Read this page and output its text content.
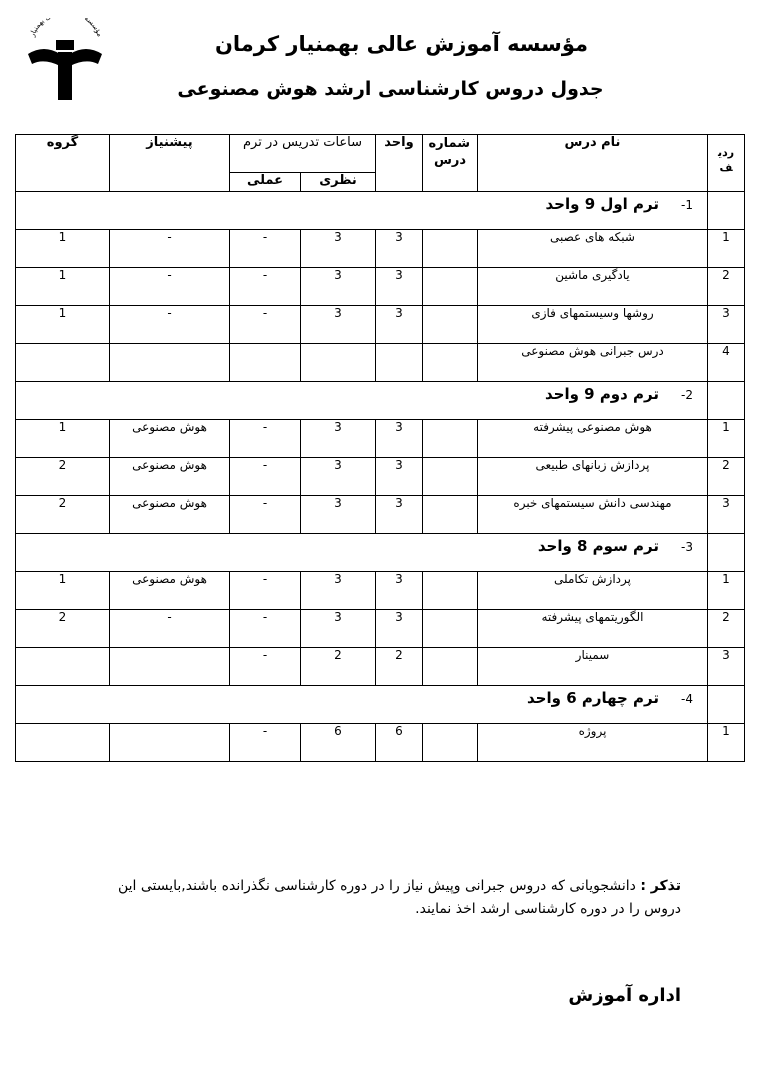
مؤسسه بهمنیار
مؤسسه آموزش عالی بهمنیار کرمان
جدول دروس کارشناسی ارشد هوش مصنوعی
ردیف	نام درس	شماره درس	واحد	ساعات تدریس در ترم		پیشنیاز	گروه
				نظری	عملی		
	1-ترم اول 9 واحد						
1	شبکه های عصبی		3	3	-	-	1
2	یادگیری ماشین		3	3	-	-	1
3	روشها وسیستمهای فازی		3	3	-	-	1
4	درس جبرانی هوش مصنوعی						
	2-ترم دوم 9 واحد						
1	هوش مصنوعی پیشرفته		3	3	-	هوش مصنوعی	1
2	پردازش زبانهای طبیعی		3	3	-	هوش مصنوعی	2
3	مهندسی دانش سیستمهای خبره		3	3	-	هوش مصنوعی	2
	3-ترم سوم 8 واحد						
1	پردازش تکاملی		3	3	-	هوش مصنوعی	1
2	الگوریتمهای پیشرفته		3	3	-	-	2
3	سمینار		2	2	-		
	4-ترم چهارم 6 واحد						
1	پروژه		6	6	-		
تذکر : دانشجویانی که دروس جبرانی وپیش نیاز را در دوره کارشناسی نگذرانده باشند,بایستی این دروس را در دوره کارشناسی ارشد اخذ نمایند.
اداره آموزش
